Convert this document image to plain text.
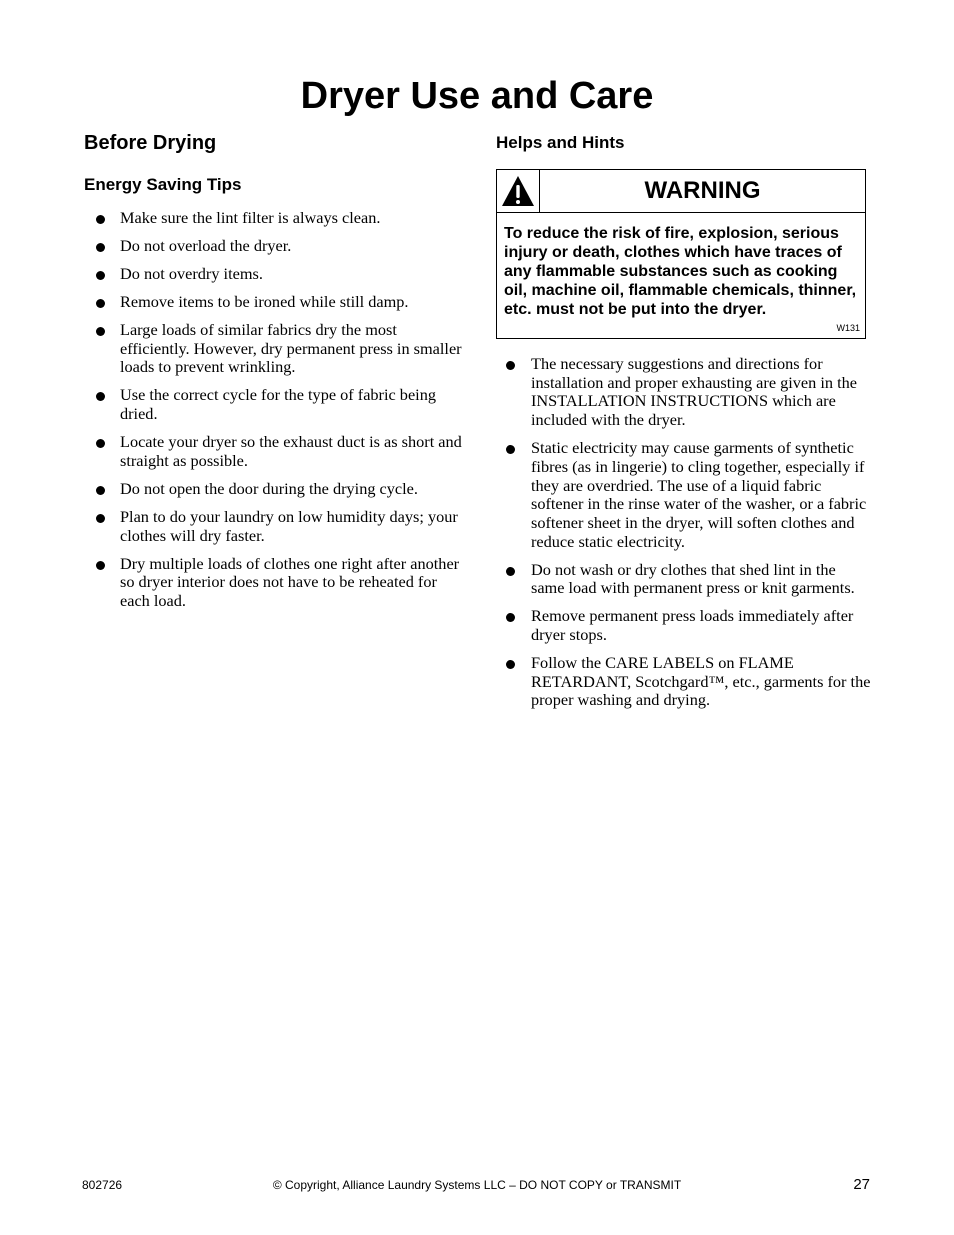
Dryer Use and Care
Before Drying
Energy Saving Tips
Make sure the lint filter is always clean.
Do not overload the dryer.
Do not overdry items.
Remove items to be ironed while still damp.
Large loads of similar fabrics dry the most efficiently. However, dry permanent press in smaller loads to prevent wrinkling.
Use the correct cycle for the type of fabric being dried.
Locate your dryer so the exhaust duct is as short and straight as possible.
Do not open the door during the drying cycle.
Plan to do your laundry on low humidity days; your clothes will dry faster.
Dry multiple loads of clothes one right after another so dryer interior does not have to be reheated for each load.
Helps and Hints
WARNING
To reduce the risk of fire, explosion, serious injury or death, clothes which have traces of any flammable substances such as cooking oil, machine oil, flammable chemicals, thinner, etc. must not be put into the dryer.
W131
The necessary suggestions and directions for installation and proper exhausting are given in the INSTALLATION INSTRUCTIONS which are included with the dryer.
Static electricity may cause garments of synthetic fibres (as in lingerie) to cling together, especially if they are overdried. The use of a liquid fabric softener in the rinse water of the washer, or a fabric softener sheet in the dryer, will soften clothes and reduce static electricity.
Do not wash or dry clothes that shed lint in the same load with permanent press or knit garments.
Remove permanent press loads immediately after dryer stops.
Follow the CARE LABELS on FLAME RETARDANT, Scotchgard™, etc., garments for the proper washing and drying.
802726	© Copyright, Alliance Laundry Systems LLC – DO NOT COPY or TRANSMIT	27
